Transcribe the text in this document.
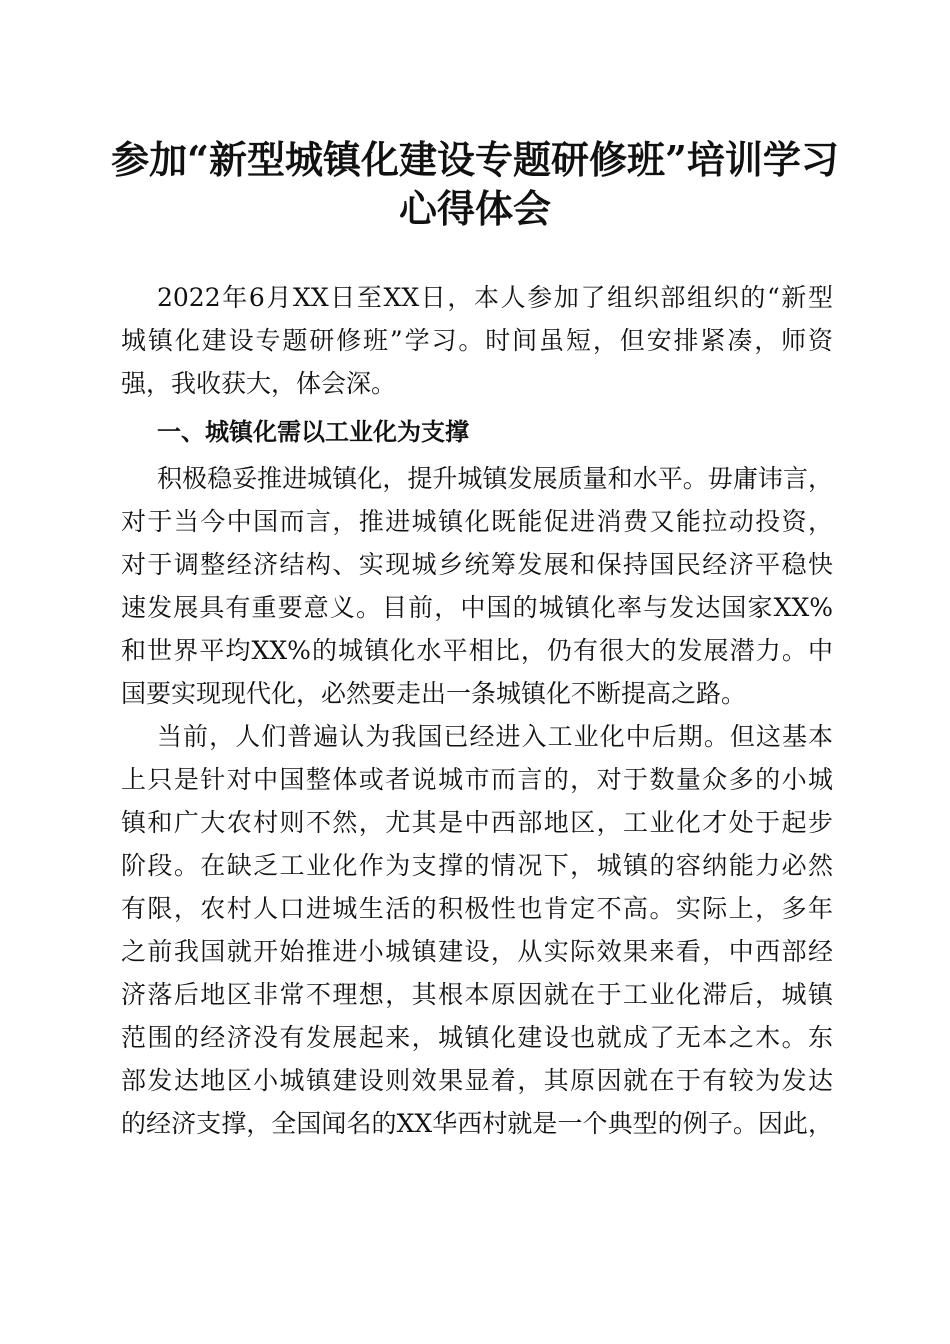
参加“新型城镇化建设专题研修班”培训学习
心得体会
2022年6月XX日至XX日，本人参加了组织部组织的“新型
城镇化建设专题研修班”学习。时间虽短，但安排紧凑，师资
强，我收获大，体会深。
一、城镇化需以工业化为支撑
积极稳妥推进城镇化，提升城镇发展质量和水平。毋庸讳言，
对于当今中国而言，推进城镇化既能促进消费又能拉动投资，
对于调整经济结构、实现城乡统筹发展和保持国民经济平稳快
速发展具有重要意义。目前，中国的城镇化率与发达国家XX%
和世界平均XX%的城镇化水平相比，仍有很大的发展潜力。中
国要实现现代化，必然要走出一条城镇化不断提高之路。
当前，人们普遍认为我国已经进入工业化中后期。但这基本
上只是针对中国整体或者说城市而言的，对于数量众多的小城
镇和广大农村则不然，尤其是中西部地区，工业化才处于起步
阶段。在缺乏工业化作为支撑的情况下，城镇的容纳能力必然
有限，农村人口进城生活的积极性也肯定不高。实际上，多年
之前我国就开始推进小城镇建设，从实际效果来看，中西部经
济落后地区非常不理想，其根本原因就在于工业化滞后，城镇
范围的经济没有发展起来，城镇化建设也就成了无本之木。东
部发达地区小城镇建设则效果显着，其原因就在于有较为发达
的经济支撑，全国闻名的XX华西村就是一个典型的例子。因此，
